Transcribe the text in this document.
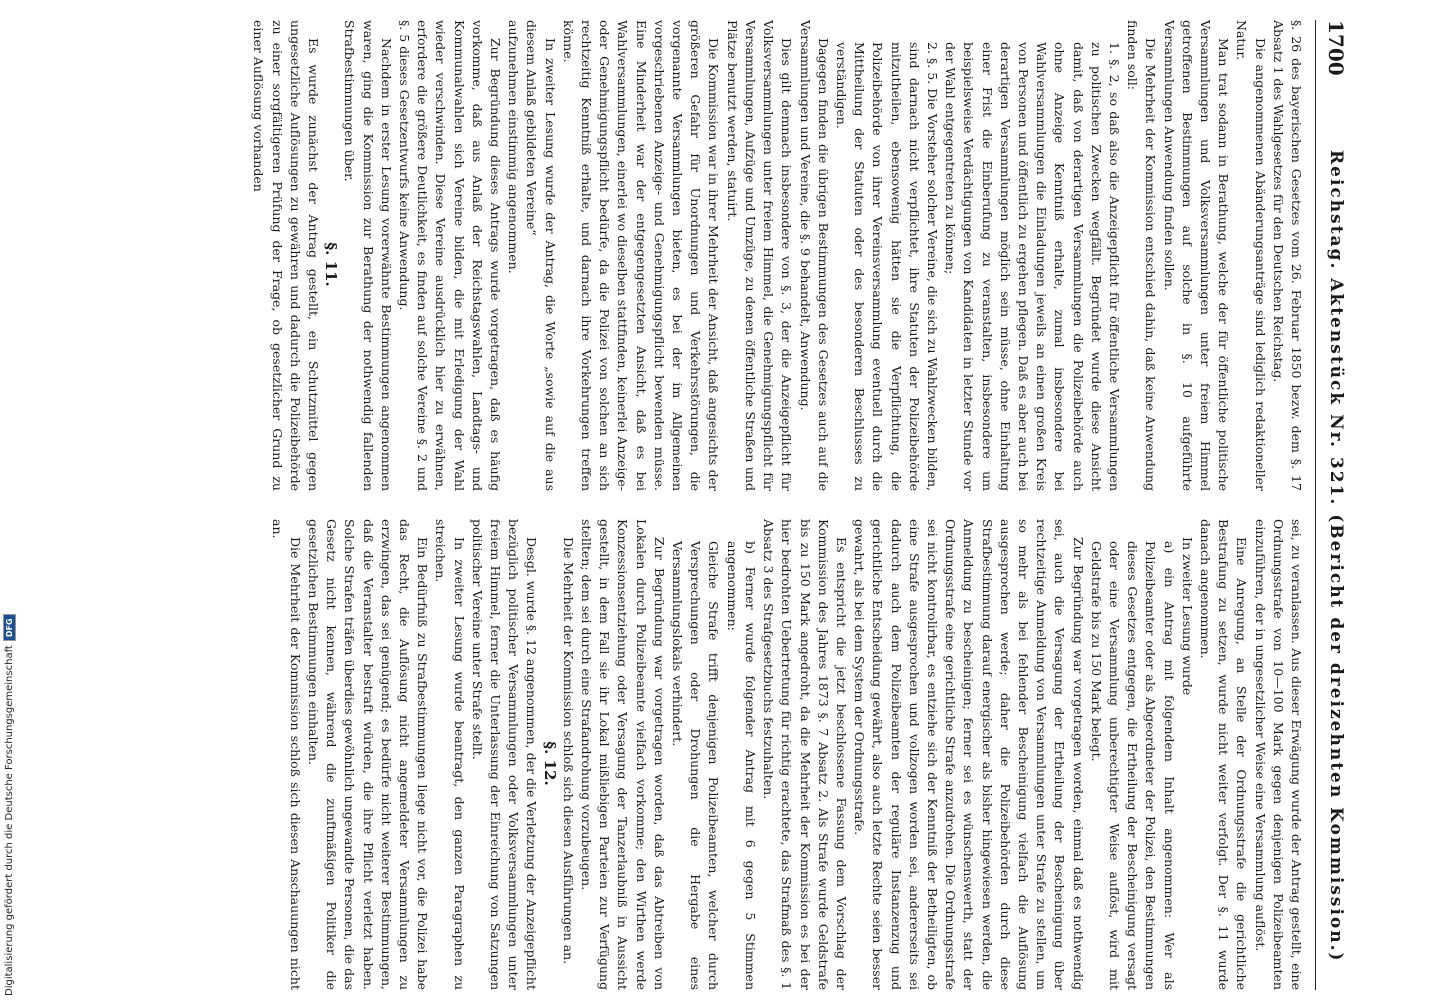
1700
Reichstag. Aktenstück Nr. 321. (Bericht der dreizehnten Kommission.)

§. 26 des bayerischen Gesetzes vom 26. Februar 1850 bezw. dem §. 17 Absatz 1 des Wahlgesetzes für den Deutschen Reichstag.

Die angenommenen Abänderungsanträge sind lediglich redaktioneller Natur.

Man trat sodann in Berathung, welche der für öffentliche politische Versammlungen und Volksversammlungen unter freiem Himmel getroffenen Bestimmungen auf solche in §. 10 aufgeführte Versammlungen Anwendung finden sollen.

Die Mehrheit der Kommission entschied dahin, daß keine Anwendung finden soll:

1. §. 2, so daß also die Anzeigepflicht für öffentliche Versammlungen zu politischen Zwecken wegfällt. Begründet wurde diese Ansicht damit, daß von derartigen Versammlungen die Polizeibehörde auch ohne Anzeige Kenntniß erhalte, zumal insbesondere bei Wahlversammlungen die Einladungen jeweils an einen großen Kreis von Personen und öffentlich zu ergehen pflegen. Daß es aber auch bei derartigen Versammlungen möglich sein müsse, ohne Einhaltung einer Frist die Einberufung zu veranstalten, insbesondere um beispielsweise Verdächtigungen von Kandidaten in letzter Stunde vor der Wahl entgegentreten zu können;

2. §. 5. Die Vorsteher solcher Vereine, die sich zu Wahlzwecken bilden, sind darnach nicht verpflichtet, ihre Statuten der Polizeibehörde mitzutheilen, ebensowenig hätten sie die Verpflichtung, die Polizeibehörde von ihrer Vereinsversammlung eventuell durch die Mittheilung der Statuten oder des besonderen Beschlusses zu verständigen.

Dagegen finden die übrigen Bestimmungen des Gesetzes auch auf die Versammlungen und Vereine, die §. 9 behandelt, Anwendung.

Dies gilt demnach insbesondere von §. 3, der die Anzeigepflicht für Volksversammlungen unter freiem Himmel, die Genehmigungspflicht für Versammlungen, Aufzüge und Umzüge, zu denen öffentliche Straßen und Plätze benutzt werden, statuirt.

Die Kommission war in ihrer Mehrheit der Ansicht, daß angesichts der größeren Gefahr für Unordnungen und Verkehrsstörungen, die vorgenannte Versammlungen bieten, es bei der im Allgemeinen vorgeschriebenen Anzeige- und Genehmigungspflicht bewenden müsse. Eine Minderheit war der entgegengesetzten Ansicht, daß es bei Wahlversammlungen, einerlei wo dieselben stattfinden, keinerlei Anzeige- oder Genehmigungspflicht bedürfe, da die Polizei von solchen an sich rechtzeitig Kenntniß erhalte, und darnach ihre Vorkehrungen treffen könne.

In zweiter Lesung wurde der Antrag, die Worte „sowie auf die aus diesem Anlaß gebildeten Vereine“

aufzunehmen einstimmig angenommen.

Zur Begründung dieses Antrags wurde vorgetragen, daß es häufig vorkomme, daß aus Anlaß der Reichstagswahlen, Landtags- und Kommunalwahlen sich Vereine bilden, die mit Erledigung der Wahl wieder verschwinden. Diese Vereine ausdrücklich hier zu erwähnen, erfordere die größere Deutlichkeit, es finden auf solche Vereine §. 2 und §. 5 dieses Gesetzentwurfs keine Anwendung.

Nachdem in erster Lesung vorerwähnte Bestimmungen angenommen waren, ging die Kommission zur Berathung der nothwendig fallenden Strafbestimmungen über.

§. 11.

Es wurde zunächst der Antrag gestellt, ein Schutzmittel gegen ungesetzliche Auflösungen zu gewähren und dadurch die Polizeibehörde zu einer sorgfältigeren Prüfung der Frage, ob gesetzlicher Grund zu einer Auflösung vorhanden

sei, zu veranlassen. Aus dieser Erwägung wurde der Antrag gestellt, eine Ordnungsstrafe von 10—100 Mark gegen denjenigen Polizeibeamten einzuführen, der in ungesetzlicher Weise eine Versammlung auflöst.

Eine Anregung, an Stelle der Ordnungsstrafe die gerichtliche Bestrafung zu setzen, wurde nicht weiter verfolgt. Der §. 11 wurde danach angenommen.

In zweiter Lesung wurde

a) ein Antrag mit folgendem Inhalt angenommen: Wer als Polizeibeamter oder als Abgeordneter der Polizei, den Bestimmungen dieses Gesetzes entgegen, die Ertheilung der Bescheinigung versagt oder eine Versammlung unberechtigter Weise auflöst, wird mit Geldstrafe bis zu 150 Mark belegt.

Zur Begründung war vorgetragen worden, einmal daß es nothwendig sei, auch die Versagung der Ertheilung der Bescheinigung über rechtzeitige Anmeldung von Versammlungen unter Strafe zu stellen, um so mehr als bei fehlender Bescheinigung vielfach die Auflösung ausgesprochen werde; daher die Polizeibehörden durch diese Strafbestimmung darauf energischer als bisher hingewiesen werden, die Anmeldung zu bescheinigen; ferner sei es wünschenswerth, statt der Ordnungsstrafe eine gerichtliche Strafe anzudrohen. Die Ordnungsstrafe sei nicht kontrolirbar, es entziehe sich der Kenntniß der Betheiligten, ob eine Strafe ausgesprochen und vollzogen worden sei, andererseits sei dadurch auch dem Polizeibeamten der reguläre Instanzenzug und gerichtliche Entscheidung gewährt, also auch letzte Rechte seien besser gewahrt, als bei dem System der Ordnungsstrafe.

Es entspricht die jetzt beschlossene Fassung dem Vorschlag der Kommission des Jahres 1873 §. 7 Absatz 2. Als Strafe wurde Geldstrafe bis zu 150 Mark angedroht, da die Mehrheit der Kommission es bei der hier bedrohten Uebertretung für richtig erachtete, das Strafmaß des §. 1 Absatz 3 des Strafgesetzbuchs festzuhalten.

b) Ferner wurde folgender Antrag mit 6 gegen 5 Stimmen angenommen:

Gleiche Strafe trifft denjenigen Polizeibeamten, welcher durch Versprechungen oder Drohungen die Hergabe eines Versammlungslokals verhindert.

Zur Begründung war vorgetragen worden, daß das Abtreiben von Lokalen durch Polizeibeamte vielfach vorkomme; den Wirthen werde Konzessionsentziehung oder Versagung der Tanzerlaubniß in Aussicht gestellt, in dem Fall sie ihr Lokal mißliebigen Parteien zur Verfügung stellten; dem sei durch eine Strafandrohung vorzubeugen.

Die Mehrheit der Kommission schloß sich diesen Ausführungen an.

§. 12.

Desgl. wurde §. 12 angenommen, der die Verletzung der Anzeigepflicht bezüglich politischer Versammlungen oder Volksversammlungen unter freiem Himmel, ferner die Unterlassung der Einreichung von Satzungen politischer Vereine unter Strafe stellt.

In zweiter Lesung wurde beantragt, den ganzen Paragraphen zu streichen.

Ein Bedürfniß zu Strafbestimmungen liege nicht vor, die Polizei habe das Recht, die Auflösung nicht angemeldeter Versammlungen zu erzwingen, das sei genügend; es bedürfe nicht weiterer Bestimmungen, daß die Veranstalter bestraft würden, die ihre Pflicht verletzt haben. Solche Strafen träfen überdies gewöhnlich ungewandte Personen, die das Gesetz nicht kennen, während die zunftmäßigen Politiker die gesetzlichen Bestimmungen einhalten.

Die Mehrheit der Kommission schloß sich diesen Anschauungen nicht an.

Digitalisierung gefördert durch die Deutsche Forschungsgemeinschaft
DFG
